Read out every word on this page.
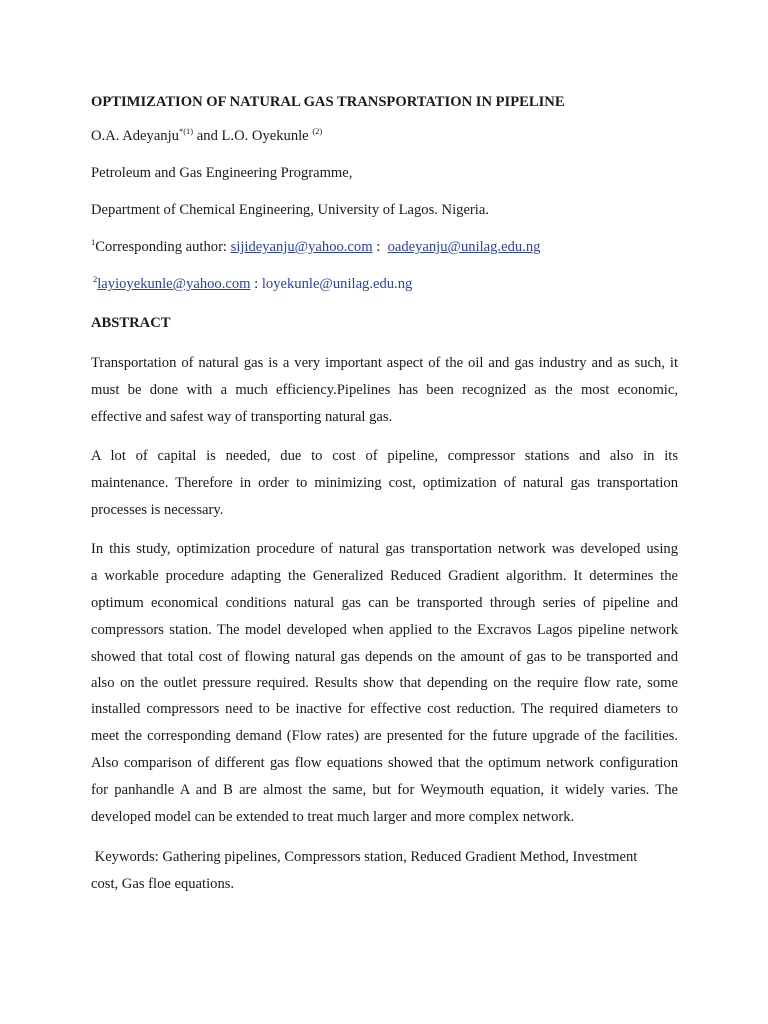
OPTIMIZATION OF NATURAL GAS TRANSPORTATION IN PIPELINE
O.A. Adeyanju$^{*(1)}$ and L.O. Oyekunle $^{(2)}$
Petroleum and Gas Engineering Programme,
Department of Chemical Engineering, University of Lagos. Nigeria.
$^1$Corresponding author: sijideyanju@yahoo.com :  oadeyanju@unilag.edu.ng
$^2$layioyekunle@yahoo.com : loyekunle@unilag.edu.ng
ABSTRACT
Transportation of natural gas is a very important aspect of the oil and gas industry and as such, it
must be done with a much efficiency.Pipelines has been recognized as the most economic,
effective and safest way of transporting natural gas.
A lot of capital is needed, due to cost of pipeline, compressor stations and also in its
maintenance. Therefore in order to minimizing cost, optimization of natural gas transportation
processes is necessary.
In this study, optimization procedure of natural gas transportation network was developed using
a workable procedure adapting the Generalized Reduced Gradient algorithm. It determines the
optimum economical conditions natural gas can be transported through series of pipeline and
compressors station. The model developed when applied to the Excravos Lagos pipeline network
showed that total cost of flowing natural gas depends on the amount of gas to be transported and
also on the outlet pressure required. Results show that depending on the require flow rate, some
installed compressors need to be inactive for effective cost reduction. The required diameters to
meet the corresponding demand (Flow rates) are presented for the future upgrade of the facilities.
Also comparison of different gas flow equations showed that the optimum network configuration
for panhandle A and B are almost the same, but for Weymouth equation, it widely varies. The
developed model can be extended to treat much larger and more complex network.
Keywords: Gathering pipelines, Compressors station, Reduced Gradient Method, Investment
cost, Gas floe equations.
